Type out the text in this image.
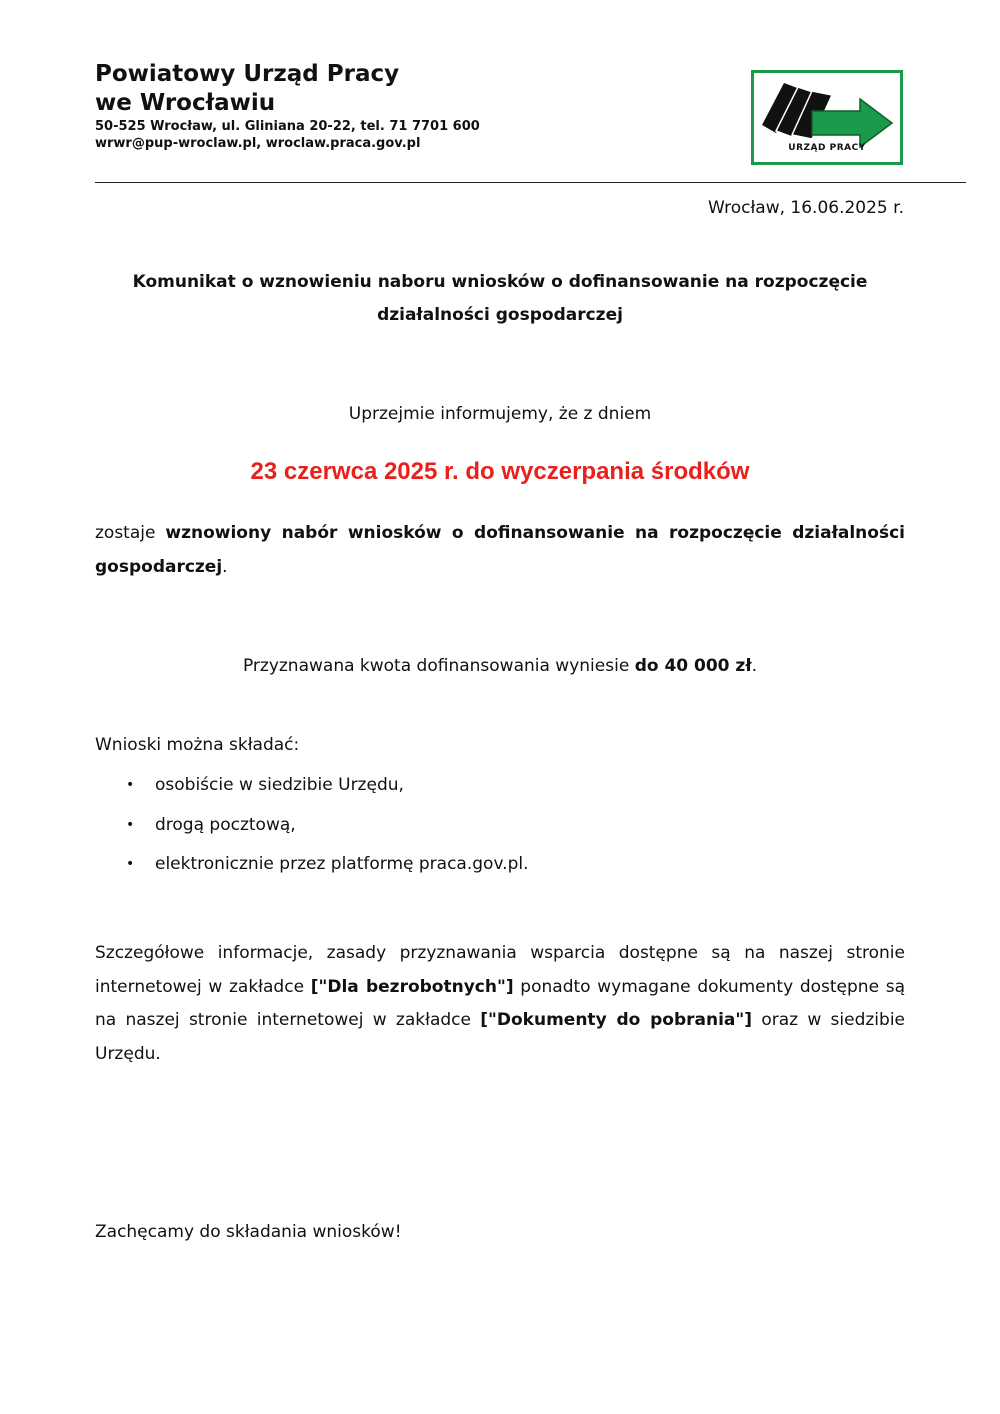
Powiatowy Urząd Pracy
we Wrocławiu
50-525 Wrocław, ul. Gliniana 20-22, tel. 71 7701 600
wrwr@pup-wroclaw.pl, wroclaw.praca.gov.pl	URZĄD PRACY
Wrocław, 16.06.2025 r.
Komunikat o wznowieniu naboru wniosków o dofinansowanie na rozpoczęcie
działalności gospodarczej
Uprzejmie informujemy, że z dniem
23 czerwca 2025 r. do wyczerpania środków

zostaje wznowiony nabór wniosków o dofinansowanie na rozpoczęcie działalności gospodarczej.

Przyznawana kwota dofinansowania wyniesie do 40 000 zł.
Wnioski można składać:
• osobiście w siedzibie Urzędu,
• drogą pocztową,
• elektronicznie przez platformę praca.gov.pl.

Szczegółowe informacje, zasady przyznawania wsparcia dostępne są na naszej stronie internetowej w zakładce ["Dla bezrobotnych"] ponadto wymagane dokumenty dostępne są na naszej stronie internetowej w zakładce ["Dokumenty do pobrania"] oraz w siedzibie Urzędu.

Zachęcamy do składania wniosków!
